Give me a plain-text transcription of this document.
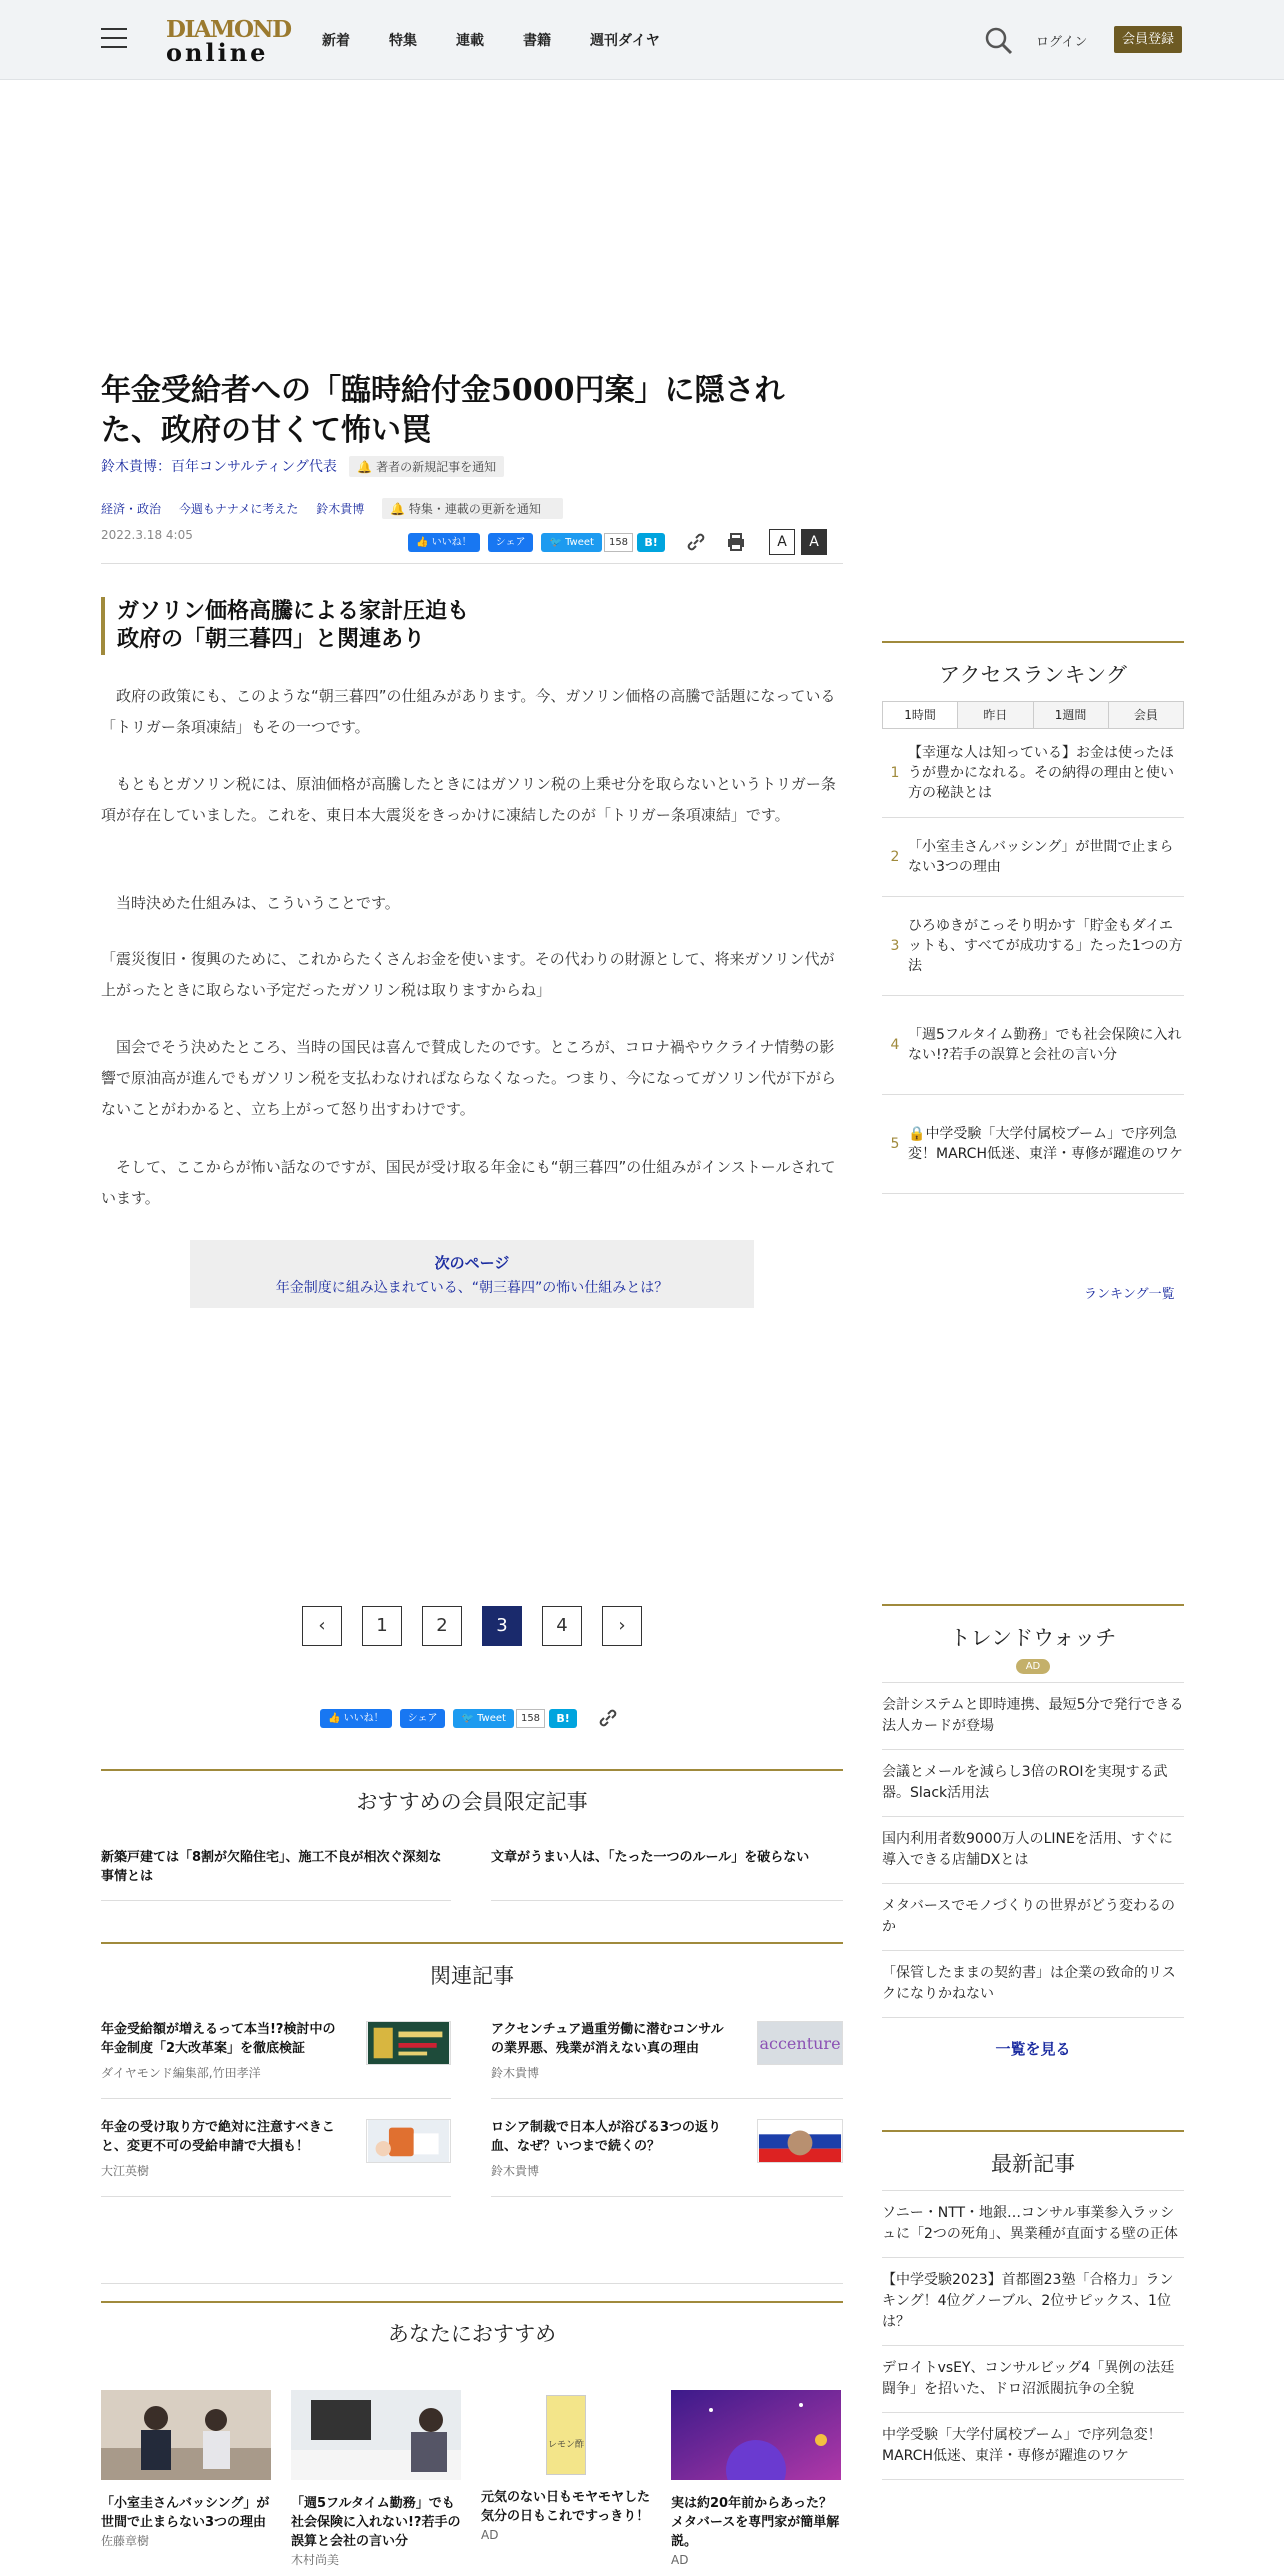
DIAMOND
online	新着	特集	連載	書籍	週刊ダイヤ	ログイン	会員登録
年金受給者への「臨時給付金5000円案」に隠された、政府の甘くて怖い罠
鈴木貴博：百年コンサルティング代表 🔔 著者の新規記事を通知
経済・政治 今週もナナメに考えた 鈴木貴博 🔔 特集・連載の更新を通知
2022.3.18 4:05	👍 いいね！	シェア	🐦 Tweet	158	B!	A	A
ガソリン価格高騰による家計圧迫も
政府の「朝三暮四」と関連あり

政府の政策にも、このような“朝三暮四”の仕組みがあります。今、ガソリン価格の高騰で話題になっている「トリガー条項凍結」もその一つです。

もともとガソリン税には、原油価格が高騰したときにはガソリン税の上乗せ分を取らないというトリガー条項が存在していました。これを、東日本大震災をきっかけに凍結したのが「トリガー条項凍結」です。

当時決めた仕組みは、こういうことです。

「震災復旧・復興のために、これからたくさんお金を使います。その代わりの財源として、将来ガソリン代が上がったときに取らない予定だったガソリン税は取りますからね」

国会でそう決めたところ、当時の国民は喜んで賛成したのです。ところが、コロナ禍やウクライナ情勢の影響で原油高が進んでもガソリン税を支払わなければならなくなった。つまり、今になってガソリン代が下がらないことがわかると、立ち上がって怒り出すわけです。

そして、ここからが怖い話なのですが、国民が受け取る年金にも“朝三暮四”の仕組みがインストールされています。

次のページ
年金制度に組み込まれている、“朝三暮四”の怖い仕組みとは？
‹	1	2	3	4	›
👍 いいね！	シェア	🐦 Tweet	158	B!
おすすめの会員限定記事
新築戸建ては「8割が欠陥住宅」、施工不良が相次ぐ深刻な事情とは
文章がうまい人は、「たった一つのルール」を破らない
関連記事
年金受給額が増えるって本当!?検討中の年金制度「2大改革案」を徹底検証
ダイヤモンド編集部,竹田孝洋
アクセンチュア過重労働に潜むコンサルの業界悪、残業が消えない真の理由
鈴木貴博
accenture
年金の受け取り方で絶対に注意すべきこと、変更不可の受給申請で大損も！
大江英樹
ロシア制裁で日本人が浴びる3つの返り血、なぜ？いつまで続くの？
鈴木貴博
あなたにおすすめ
「小室圭さんバッシング」が世間で止まらない3つの理由
佐藤章樹
「週5フルタイム勤務」でも社会保険に入れない!?若手の誤算と会社の言い分
木村尚美
レモン酢
元気のない日もモヤモヤした気分の日もこれですっきり！
AD
実は約20年前からあった？メタバースを専門家が簡単解説。
AD
アクセスランキング
1時間	昨日	1週間	会員
1
【幸運な人は知っている】お金は使ったほうが豊かになれる。その納得の理由と使い方の秘訣とは
2
「小室圭さんバッシング」が世間で止まらない3つの理由
3
ひろゆきがこっそり明かす「貯金もダイエットも、すべてが成功する」たった1つの方法
4
「週5フルタイム勤務」でも社会保険に入れない!?若手の誤算と会社の言い分
5
🔒中学受験「大学付属校ブーム」で序列急変！MARCH低迷、東洋・専修が躍進のワケ
ランキング一覧
トレンドウォッチ
AD
会計システムと即時連携、最短5分で発行できる法人カードが登場
会議とメールを減らし3倍のROIを実現する武器。Slack活用法
国内利用者数9000万人のLINEを活用、すぐに導入できる店舗DXとは
メタバースでモノづくりの世界がどう変わるのか
「保管したままの契約書」は企業の致命的リスクになりかねない
一覧を見る
最新記事
ソニー・NTT・地銀…コンサル事業参入ラッシュに「2つの死角」、異業種が直面する壁の正体
【中学受験2023】首都圏23塾「合格力」ランキング！4位グノーブル、2位サピックス、1位は？
デロイトvsEY、コンサルビッグ4「異例の法廷闘争」を招いた、ドロ沼派閥抗争の全貌
中学受験「大学付属校ブーム」で序列急変！MARCH低迷、東洋・専修が躍進のワケ
